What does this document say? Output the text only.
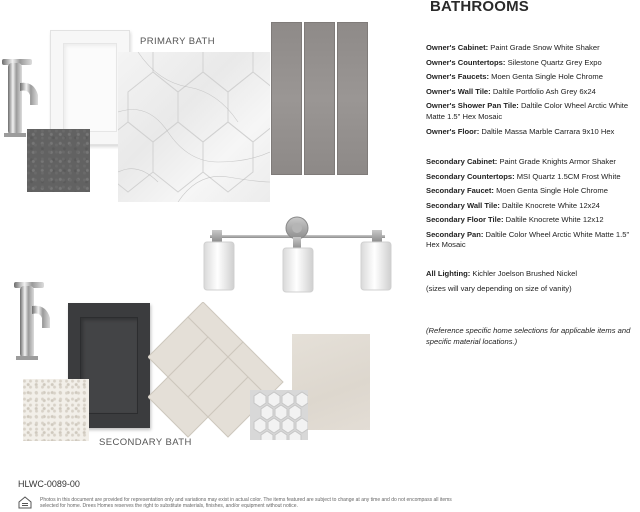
PRIMARY BATH
SECONDARY BATH
BATHROOMS
Owner's Cabinet: Paint Grade Snow White Shaker
Owner's Countertops: Silestone Quartz Grey Expo
Owner's Faucets: Moen Genta Single Hole Chrome
Owner's Wall Tile: Daltile Portfolio Ash Grey 6x24
Owner's Shower Pan Tile: Daltile Color Wheel Arctic White Matte 1.5" Hex Mosaic
Owner's Floor: Daltile Massa Marble Carrara 9x10 Hex
Secondary Cabinet: Paint Grade Knights Armor Shaker
Secondary Countertops: MSI Quartz 1.5CM Frost White
Secondary Faucet: Moen Genta Single Hole Chrome
Secondary Wall Tile: Daltile Knocrete White 12x24
Secondary Floor Tile: Daltile Knocrete White 12x12
Secondary Pan: Daltile Color Wheel Arctic White Matte 1.5" Hex Mosaic
All Lighting: Kichler Joelson Brushed Nickel
(sizes will vary depending on size of vanity)
(Reference specific home selections for applicable items and specific material locations.)
HLWC-0089-00
Photos in this document are provided for representation only and variations may exist in actual color. The items featured are subject to change at any time and do not encompass all items selected for home. Drees Homes reserves the right to substitute materials, finishes, and/or equipment without notice.
